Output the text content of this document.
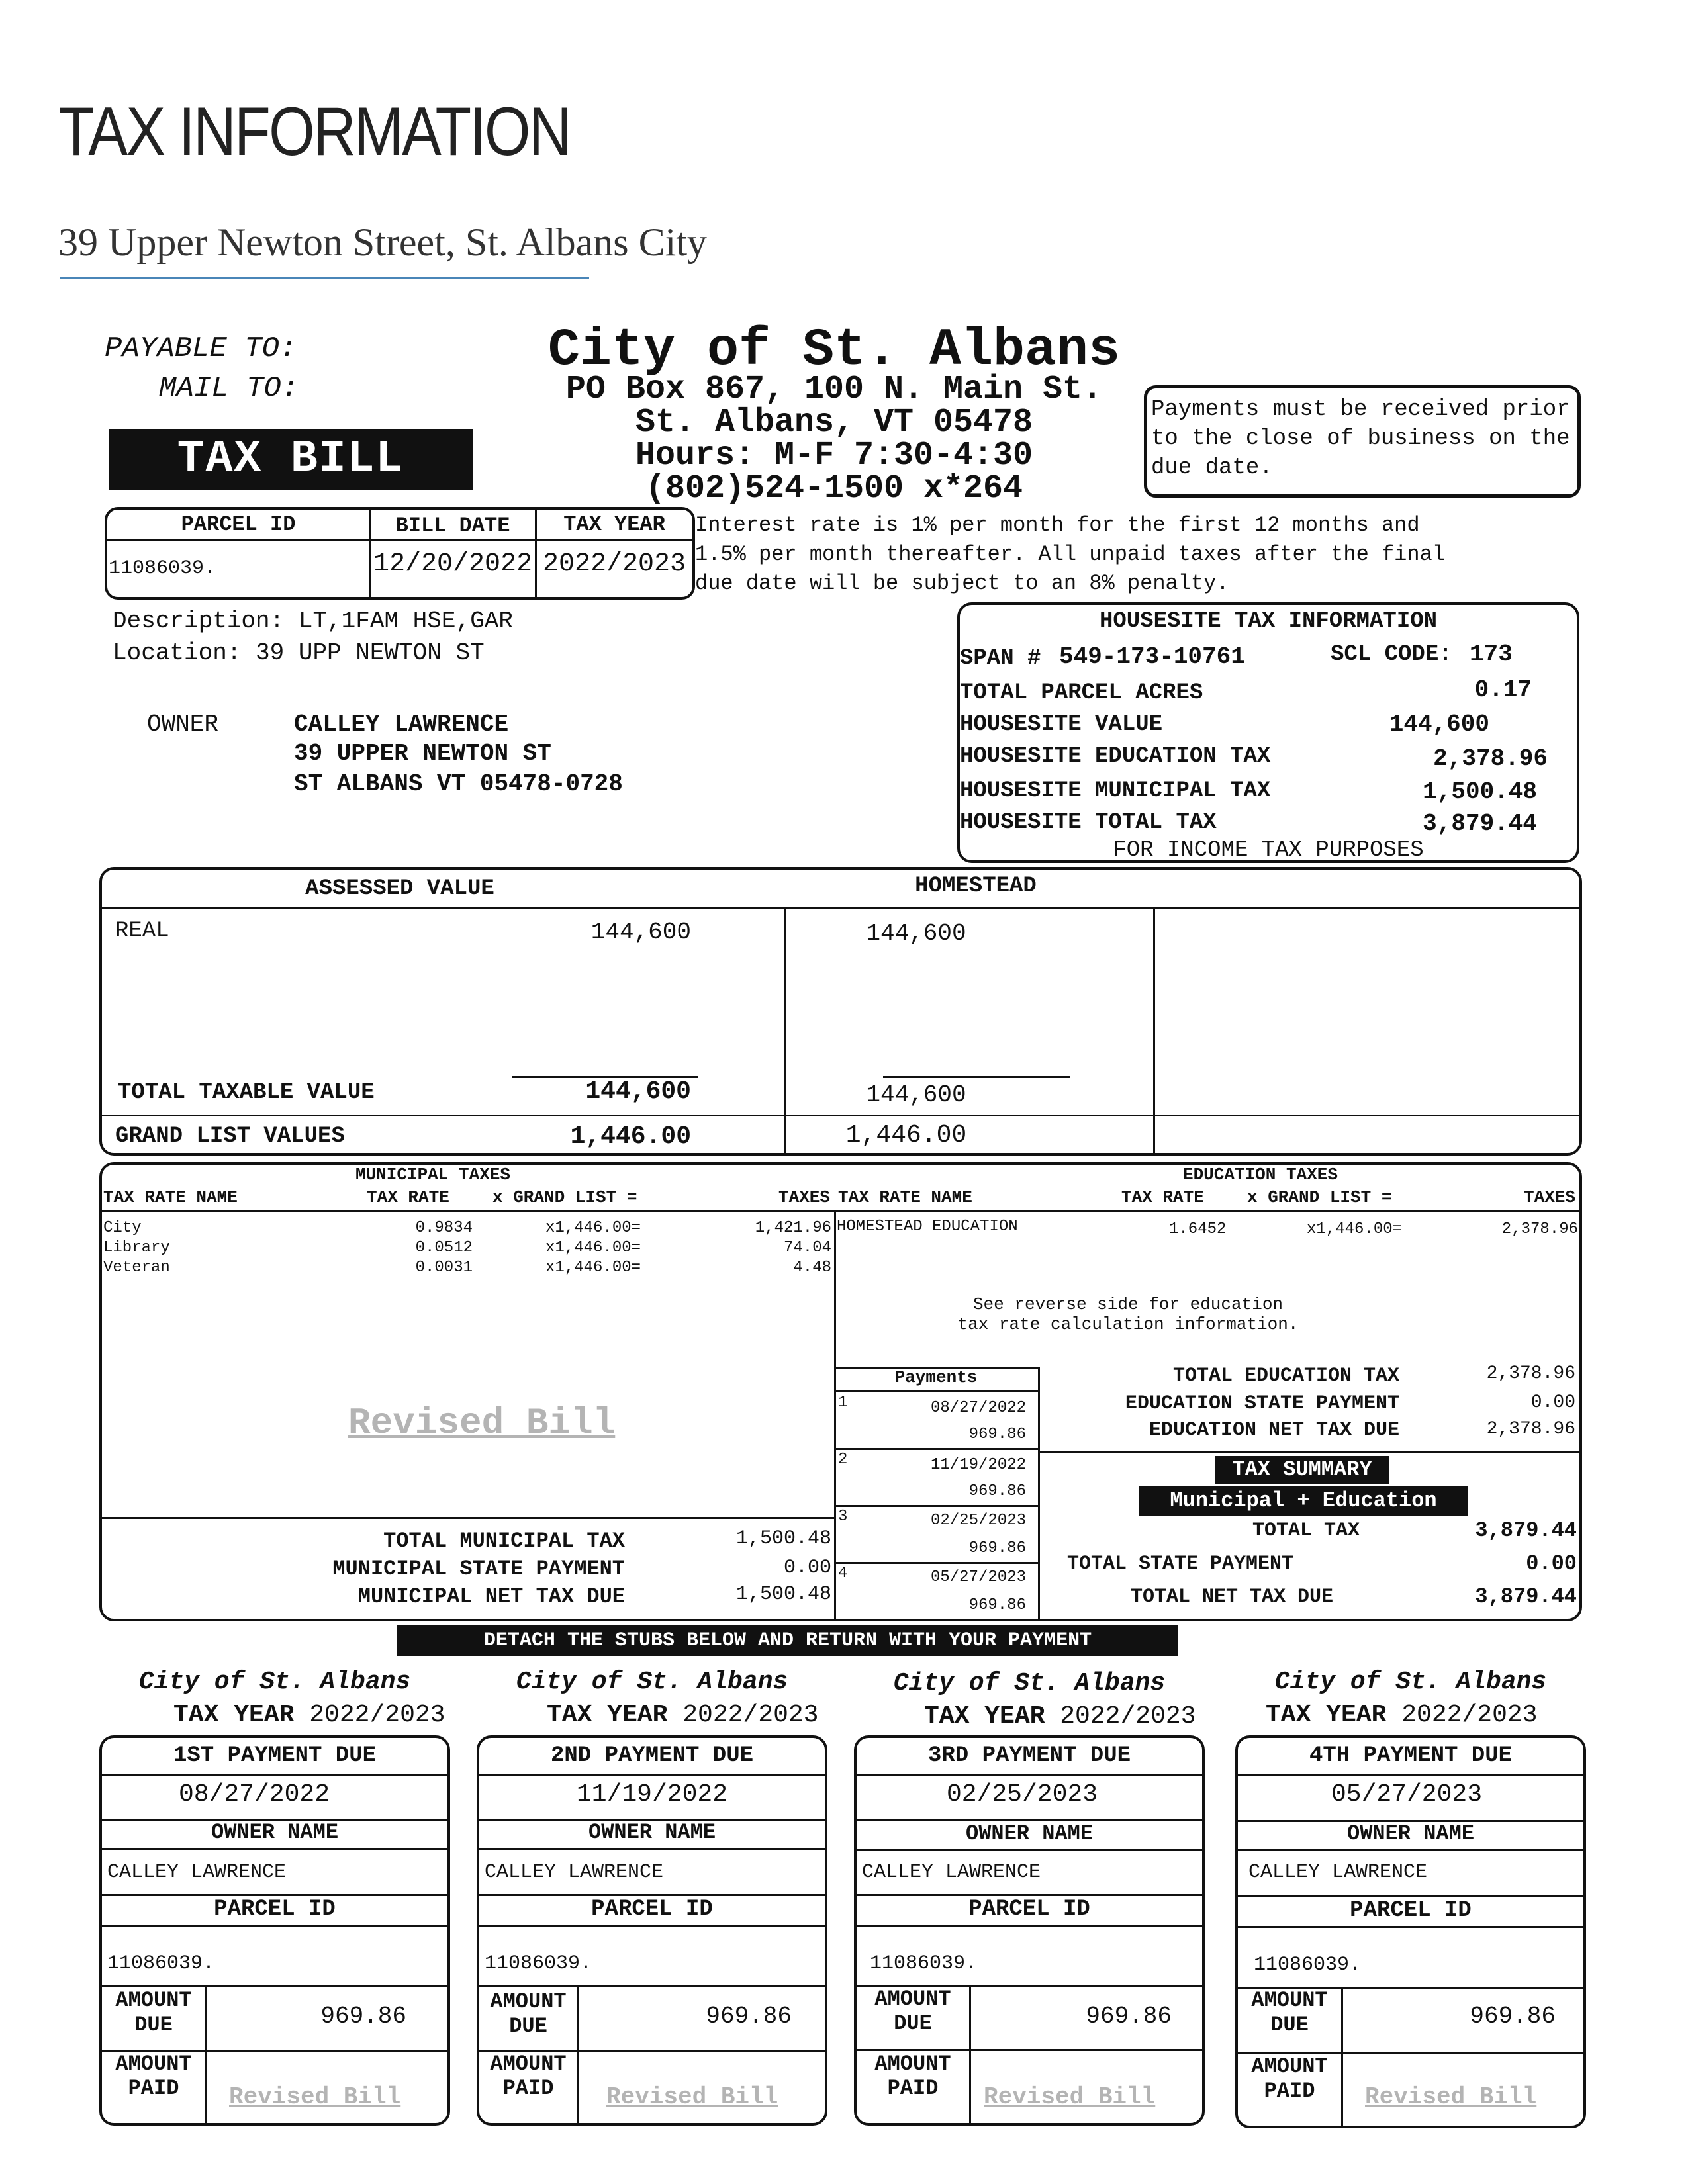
TAX INFORMATION
39 Upper Newton Street, St. Albans City
PAYABLE TO:
MAIL TO:
TAX BILL
City of St. Albans
PO Box 867, 100 N. Main St.
St. Albans, VT 05478
Hours: M-F 7:30-4:30
(802)524-1500 x*264
Payments must be received prior to the close of business on the due date.
PARCEL ID	BILL DATE	TAX YEAR
11086039.	12/20/2022 2022/2023
Interest rate is 1% per month for the first 12 months and
1.5% per month thereafter. All unpaid taxes after the final
due date will be subject to an 8% penalty.
Description: LT,1FAM HSE,GAR
Location: 39 UPP NEWTON ST
OWNER	CALLEY LAWRENCE
39 UPPER NEWTON ST
ST ALBANS VT 05478-0728
HOUSESITE TAX INFORMATION
SPAN # 549-173-10761	SCL CODE: 173
TOTAL PARCEL ACRES	0.17
HOUSESITE VALUE	144,600
HOUSESITE EDUCATION TAX	2,378.96
HOUSESITE MUNICIPAL TAX	1,500.48
HOUSESITE TOTAL TAX	3,879.44
FOR INCOME TAX PURPOSES
ASSESSED VALUE	HOMESTEAD
REAL	144,600	144,600
TOTAL TAXABLE VALUE	144,600	144,600
GRAND LIST VALUES	1,446.00	1,446.00
MUNICIPAL TAXES
TAX RATE NAME	TAX RATE	x GRAND LIST =	TAXES
City	0.9834	x1,446.00=	1,421.96
Library	0.0512	x1,446.00=	74.04
Veteran	0.0031	x1,446.00=	4.48
Revised Bill
TOTAL MUNICIPAL TAX	1,500.48
MUNICIPAL STATE PAYMENT	0.00
MUNICIPAL NET TAX DUE	1,500.48
EDUCATION TAXES
TAX RATE NAME	TAX RATE	x GRAND LIST =	TAXES
HOMESTEAD EDUCATION	1.6452	x1,446.00=	2,378.96
See reverse side for education
tax rate calculation information.
Payments
1	08/27/2022
969.86
2	11/19/2022
969.86
3	02/25/2023
969.86
4	05/27/2023
969.86
TOTAL EDUCATION TAX	2,378.96
EDUCATION STATE PAYMENT	0.00
EDUCATION NET TAX DUE	2,378.96
TAX SUMMARY
Municipal + Education
TOTAL TAX	3,879.44
TOTAL STATE PAYMENT	0.00
TOTAL NET TAX DUE	3,879.44
DETACH THE STUBS BELOW AND RETURN WITH YOUR PAYMENT
City of St. Albans
TAX YEAR 2022/2023
1ST PAYMENT DUE
08/27/2022
OWNER NAME
CALLEY LAWRENCE
PARCEL ID
11086039.
AMOUNT
DUE	969.86
AMOUNT
PAID	Revised Bill
City of St. Albans
TAX YEAR 2022/2023
2ND PAYMENT DUE
11/19/2022
OWNER NAME
CALLEY LAWRENCE
PARCEL ID
11086039.
AMOUNT
DUE	969.86
AMOUNT
PAID	Revised Bill
City of St. Albans
TAX YEAR 2022/2023
3RD PAYMENT DUE
02/25/2023
OWNER NAME
CALLEY LAWRENCE
PARCEL ID
11086039.
AMOUNT
DUE	969.86
AMOUNT
PAID	Revised Bill
City of St. Albans
TAX YEAR 2022/2023
4TH PAYMENT DUE
05/27/2023
OWNER NAME
CALLEY LAWRENCE
PARCEL ID
11086039.
AMOUNT
DUE	969.86
AMOUNT
PAID	Revised Bill
